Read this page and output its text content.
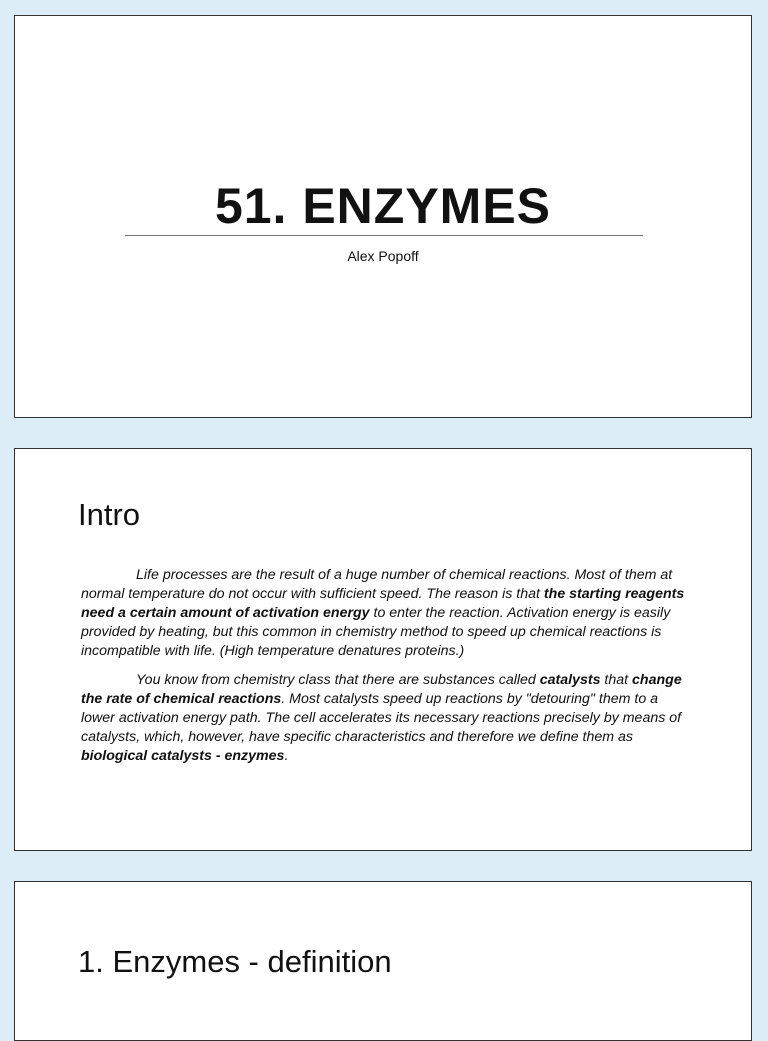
51. ENZYMES
Alex Popoff
Intro

Life processes are the result of a huge number of chemical reactions. Most of them at normal temperature do not occur with sufficient speed. The reason is that the starting reagents need a certain amount of activation energy to enter the reaction. Activation energy is easily provided by heating, but this common in chemistry method to speed up chemical reactions is incompatible with life. (High temperature denatures proteins.)

You know from chemistry class that there are substances called catalysts that change the rate of chemical reactions. Most catalysts speed up reactions by "detouring" them to a lower activation energy path. The cell accelerates its necessary reactions precisely by means of catalysts, which, however, have specific characteristics and therefore we define them as biological catalysts - enzymes.

1. Enzymes - definition
